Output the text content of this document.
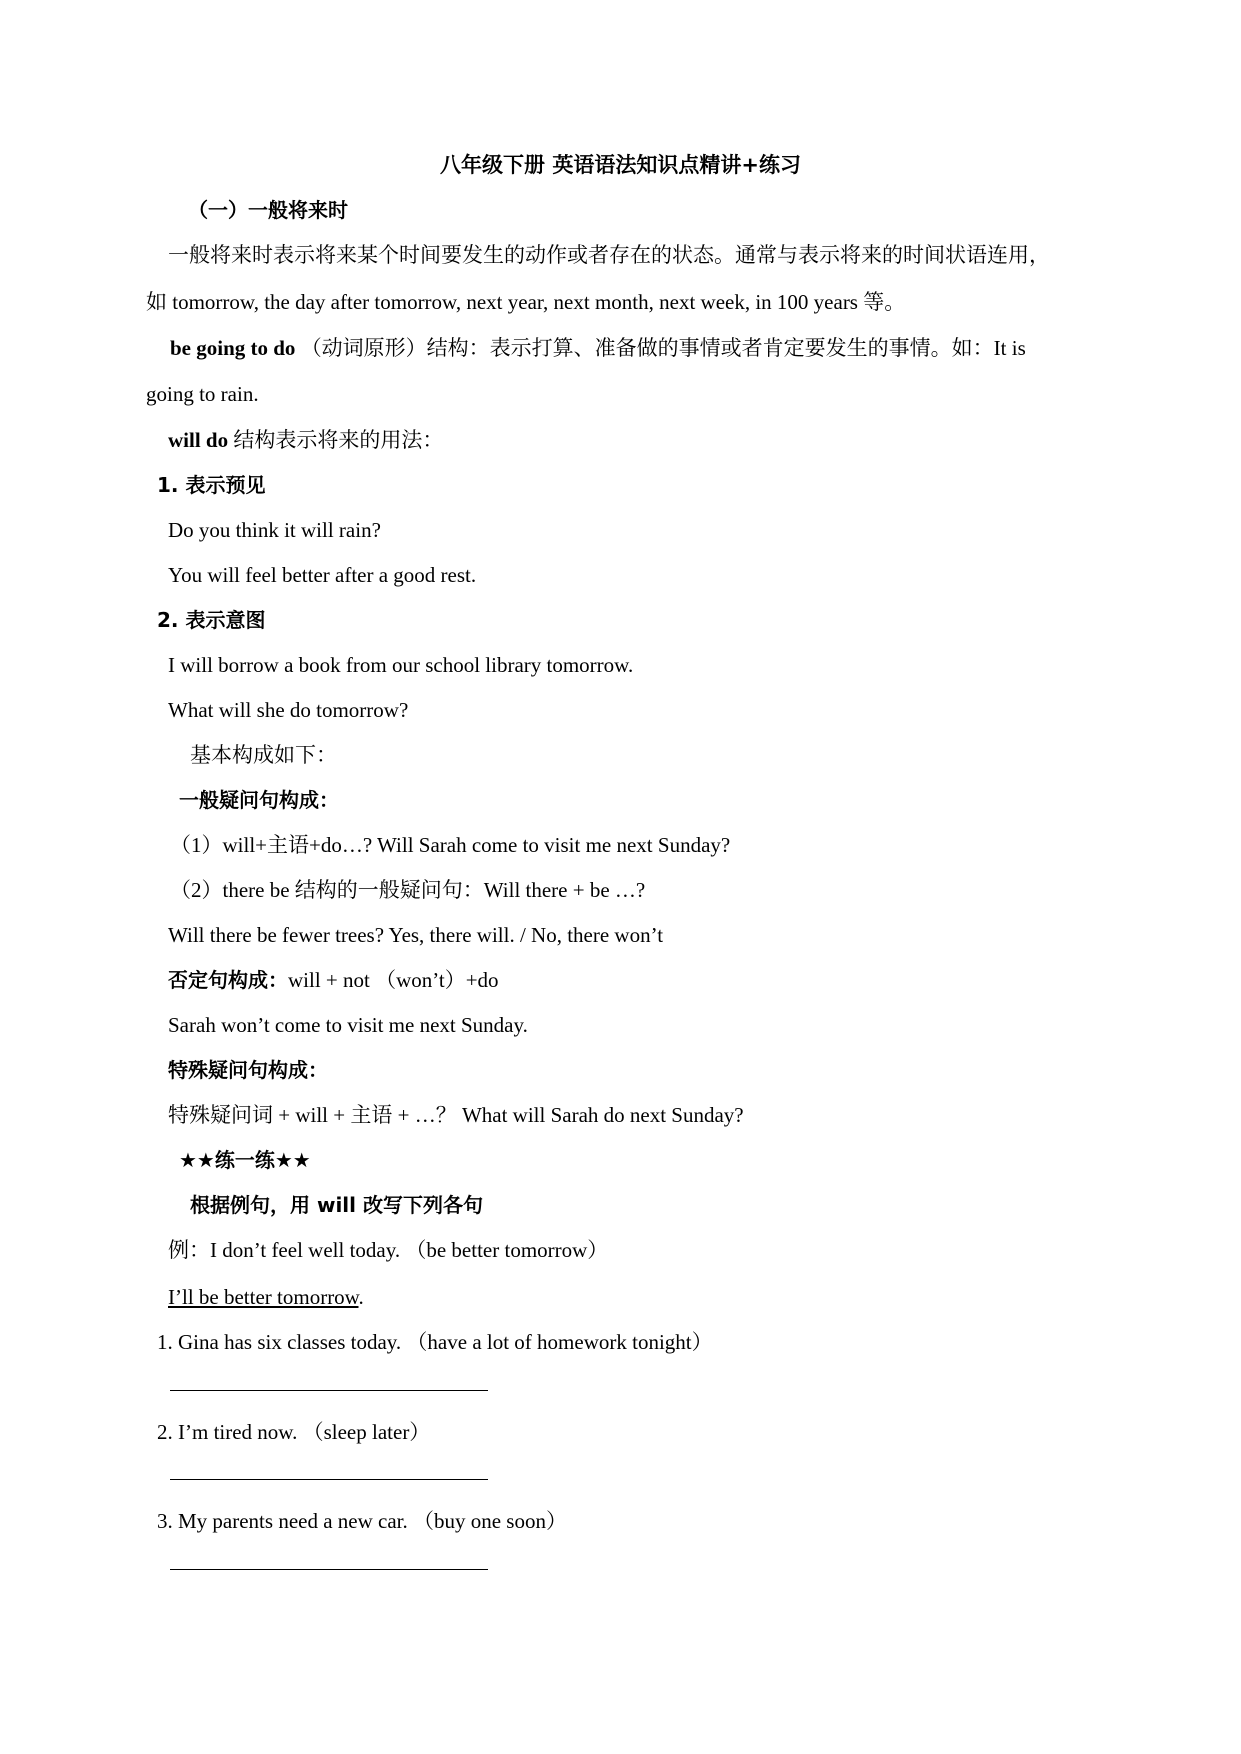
八年级下册 英语语法知识点精讲+练习
（一）一般将来时
一般将来时表示将来某个时间要发生的动作或者存在的状态。通常与表示将来的时间状语连用，
如 tomorrow, the day after tomorrow, next year, next month, next week, in 100 years 等。
be going to do （动词原形）结构：表示打算、准备做的事情或者肯定要发生的事情。如：It is
going to rain.
will do 结构表示将来的用法：
1. 表示预见
Do you think it will rain?
You will feel better after a good rest.
2. 表示意图
I will borrow a book from our school library tomorrow.
What will she do tomorrow?
基本构成如下：
一般疑问句构成：
（1）will+主语+do…? Will Sarah come to visit me next Sunday?
（2）there be 结构的一般疑问句：Will there + be …?
Will there be fewer trees? Yes, there will. / No, there won’t
否定句构成：will + not （won’t）+do
Sarah won’t come to visit me next Sunday.
特殊疑问句构成：
特殊疑问词 + will + 主语 + …？ What will Sarah do next Sunday?
★★练一练★★
根据例句，用 will 改写下列各句
例：I don’t feel well today. （be better tomorrow）
I’ll be better tomorrow.
1. Gina has six classes today. （have a lot of homework tonight）
2. I’m tired now. （sleep later）
3. My parents need a new car. （buy one soon）
